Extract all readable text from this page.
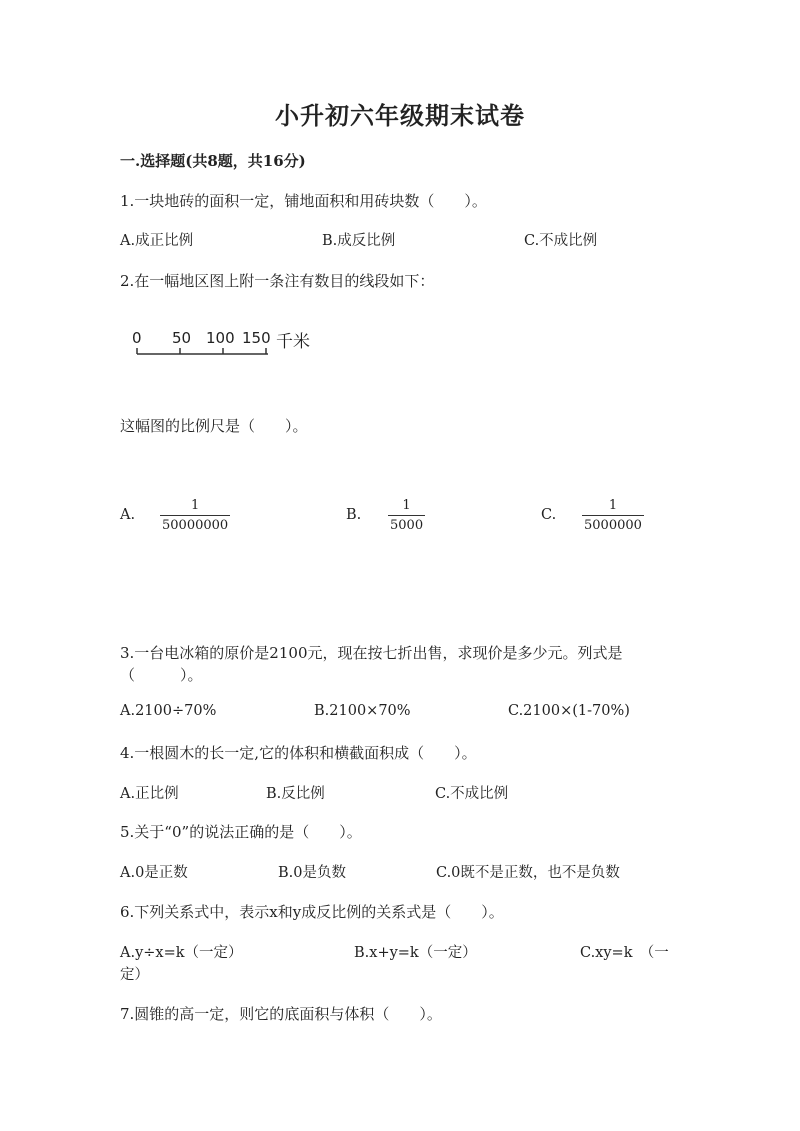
小升初六年级期末试卷
一.选择题(共8题，共16分)
1.一块地砖的面积一定，铺地面积和用砖块数（　　）。
A.成正比例	B.成反比例	C.不成比例
2.在一幅地区图上附一条注有数目的线段如下：
0 50 100 150 千米
这幅图的比例尺是（　　）。
A. $\frac{1}{50000000}$	B. $\frac{1}{5000}$	C. $\frac{1}{5000000}$
3.一台电冰箱的原价是2100元，现在按七折出售，求现价是多少元。列式是
（　　　）。
A.2100÷70%	B.2100×70%	C.2100×(1-70%)
4.一根圆木的长一定,它的体积和横截面积成（　　）。
A.正比例	B.反比例	C.不成比例
5.关于“0”的说法正确的是（　　）。
A.0是正数	B.0是负数	C.0既不是正数，也不是负数
6.下列关系式中，表示x和y成反比例的关系式是（　　）。
A.y÷x=k（一定）	B.x+y=k（一定）	C.xy=k　（一
定）
7.圆锥的高一定，则它的底面积与体积（　　）。
